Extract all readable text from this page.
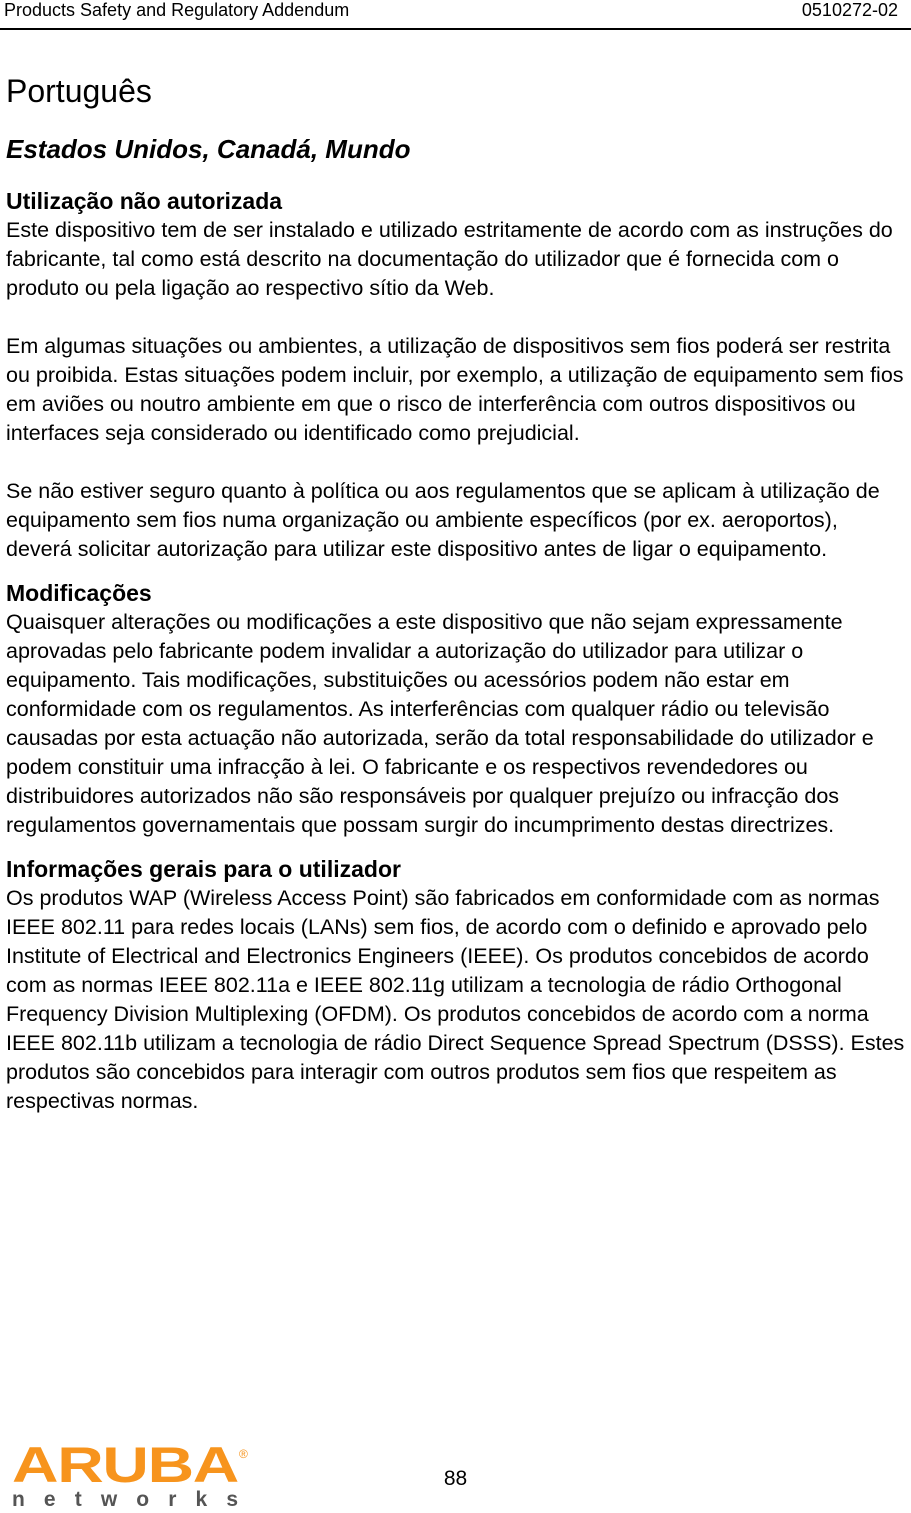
Products Safety and Regulatory Addendum	0510272-02
Português
Estados Unidos, Canadá, Mundo
Utilização não autorizada

Este dispositivo tem de ser instalado e utilizado estritamente de acordo com as instruções do fabricante, tal como está descrito na documentação do utilizador que é fornecida com o produto ou pela ligação ao respectivo sítio da Web.

Em algumas situações ou ambientes, a utilização de dispositivos sem fios poderá ser restrita ou proibida. Estas situações podem incluir, por exemplo, a utilização de equipamento sem fios em aviões ou noutro ambiente em que o risco de interferência com outros dispositivos ou interfaces seja considerado ou identificado como prejudicial.

Se não estiver seguro quanto à política ou aos regulamentos que se aplicam à utilização de equipamento sem fios numa organização ou ambiente específicos (por ex. aeroportos), deverá solicitar autorização para utilizar este dispositivo antes de ligar o equipamento.

Modificações

Quaisquer alterações ou modificações a este dispositivo que não sejam expressamente aprovadas pelo fabricante podem invalidar a autorização do utilizador para utilizar o equipamento. Tais modificações, substituições ou acessórios podem não estar em conformidade com os regulamentos. As interferências com qualquer rádio ou televisão causadas por esta actuação não autorizada, serão da total responsabilidade do utilizador e podem constituir uma infracção à lei. O fabricante e os respectivos revendedores ou distribuidores autorizados não são responsáveis por qualquer prejuízo ou infracção dos regulamentos governamentais que possam surgir do incumprimento destas directrizes.

Informações gerais para o utilizador

Os produtos WAP (Wireless Access Point) são fabricados em conformidade com as normas IEEE 802.11 para redes locais (LANs) sem fios, de acordo com o definido e aprovado pelo Institute of Electrical and Electronics Engineers (IEEE). Os produtos concebidos de acordo com as normas IEEE 802.11a e IEEE 802.11g utilizam a tecnologia de rádio Orthogonal Frequency Division Multiplexing (OFDM). Os produtos concebidos de acordo com a norma IEEE 802.11b utilizam a tecnologia de rádio Direct Sequence Spread Spectrum (DSSS). Estes produtos são concebidos para interagir com outros produtos sem fios que respeitem as respectivas normas.

ARUBA ®
networks
88
